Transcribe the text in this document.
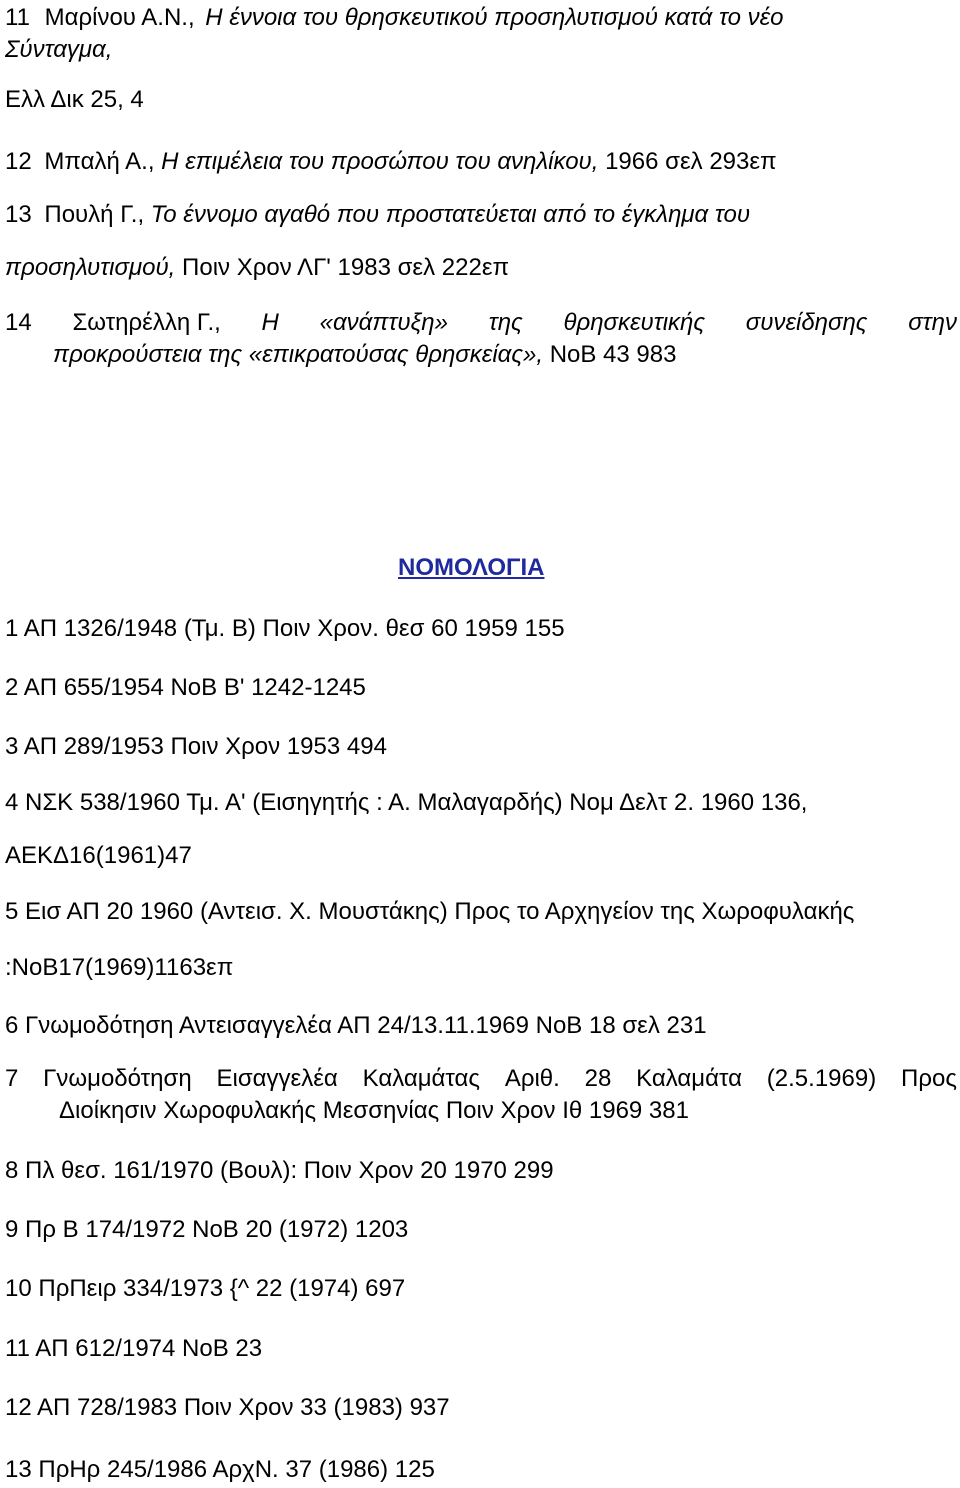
11 Μαρίνου Α.Ν., Η έννοια του θρησκευτικού προσηλυτισμού κατά το νέο
Σύνταγμα,
Ελλ Δικ 25, 4
12 Μπαλή Α., Η επιμέλεια του προσώπου του ανηλίκου, 1966 σελ 293επ
13 Πουλή Γ., Το έννομο αγαθό που προστατεύεται από το έγκλημα του
προσηλυτισμού, Ποιν Χρον ΛΓ' 1983 σελ 222επ
14 Σωτηρέλλη Γ., Η «ανάπτυξη» της θρησκευτικής συνείδησης στην
προκρούστεια της «επικρατούσας θρησκείας», ΝοΒ 43 983
ΝΟΜΟΛΟΓΙΑ
1 ΑΠ 1326/1948 (Τμ. Β) Ποιν Χρον. θεσ 60 1959 155
2 ΑΠ 655/1954 ΝοΒ Β' 1242-1245
3 ΑΠ 289/1953 Ποιν Χρον 1953 494
4 ΝΣΚ 538/1960 Τμ. Α' (Εισηγητής : Α. Μαλαγαρδής) Νομ Δελτ 2. 1960 136,
ΑΕΚΔ16(1961)47
5 Εισ ΑΠ 20 1960 (Αντεισ. Χ. Μουστάκης) Προς το Αρχηγείον της Χωροφυλακής
:ΝοΒ17(1969)1163επ
6 Γνωμοδότηση Αντεισαγγελέα ΑΠ 24/13.11.1969 ΝοΒ 18 σελ 231
7 Γνωμοδότηση Εισαγγελέα Καλαμάτας Αριθ. 28 Καλαμάτα (2.5.1969) Προς
Διοίκησιν Χωροφυλακής Μεσσηνίας Ποιν Χρον Ιθ 1969 381
8 Πλ θεσ. 161/1970 (Βουλ): Ποιν Χρον 20 1970 299
9 Πρ Β 174/1972 ΝοΒ 20 (1972) 1203
10 ΠρΠειρ 334/1973 {^ 22 (1974) 697
11 ΑΠ 612/1974 ΝοΒ 23
12 ΑΠ 728/1983 Ποιν Χρον 33 (1983) 937
13 ΠρΗρ 245/1986 ΑρχΝ. 37 (1986) 125
